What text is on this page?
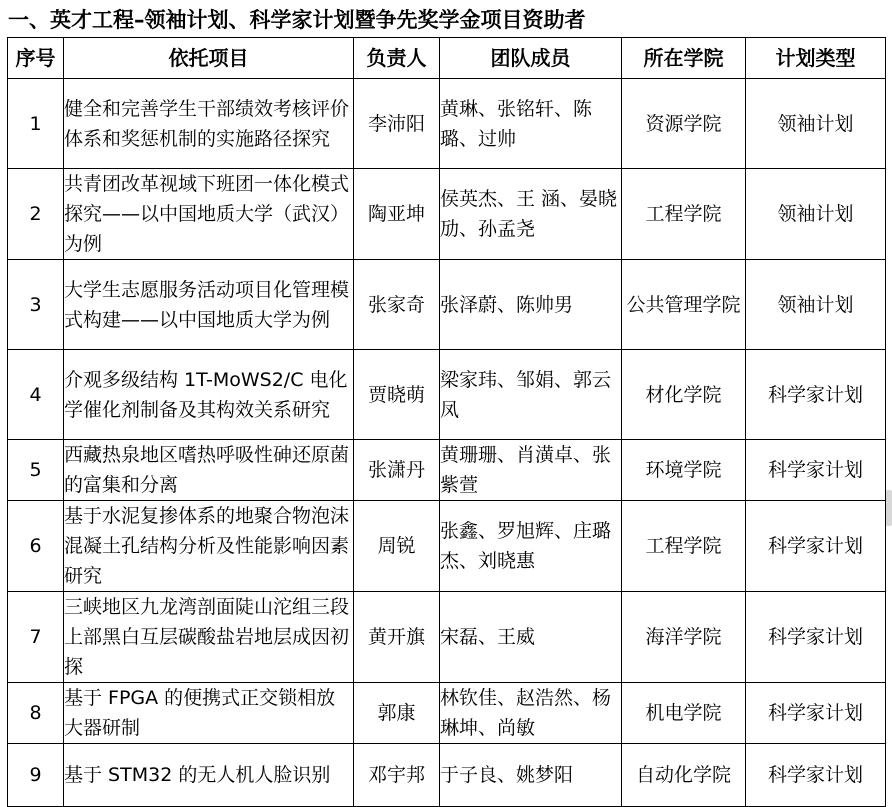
一、英才工程–领袖计划、科学家计划暨争先奖学金项目资助者
序号	依托项目	负责人	团队成员	所在学院	计划类型
1	健全和完善学生干部绩效考核评价体系和奖惩机制的实施路径探究	李沛阳	黄琳、张铭轩、陈璐、过帅	资源学院	领袖计划
2	共青团改革视域下班团一体化模式探究——以中国地质大学（武汉）为例	陶亚坤	侯英杰、王 涵、晏晓劢、孙孟尧	工程学院	领袖计划
3	大学生志愿服务活动项目化管理模式构建——以中国地质大学为例	张家奇	张泽蔚、陈帅男	公共管理学院	领袖计划
4	介观多级结构 1T-MoWS2/C 电化学催化剂制备及其构效关系研究	贾晓萌	梁家玮、邹娟、郭云凤	材化学院	科学家计划
5	西藏热泉地区嗜热呼吸性砷还原菌的富集和分离	张潇丹	黄珊珊、肖潢卓、张紫萱	环境学院	科学家计划
6	基于水泥复掺体系的地聚合物泡沫混凝土孔结构分析及性能影响因素研究	周锐	张鑫、罗旭辉、庄璐杰、刘晓惠	工程学院	科学家计划
7	三峡地区九龙湾剖面陡山沱组三段上部黑白互层碳酸盐岩地层成因初探	黄开旗	宋磊、王威	海洋学院	科学家计划
8	基于 FPGA 的便携式正交锁相放大器研制	郭康	林钦佳、赵浩然、杨琳坤、尚敏	机电学院	科学家计划
9	基于 STM32 的无人机人脸识别	邓宇邦	于子良、姚梦阳	自动化学院	科学家计划
